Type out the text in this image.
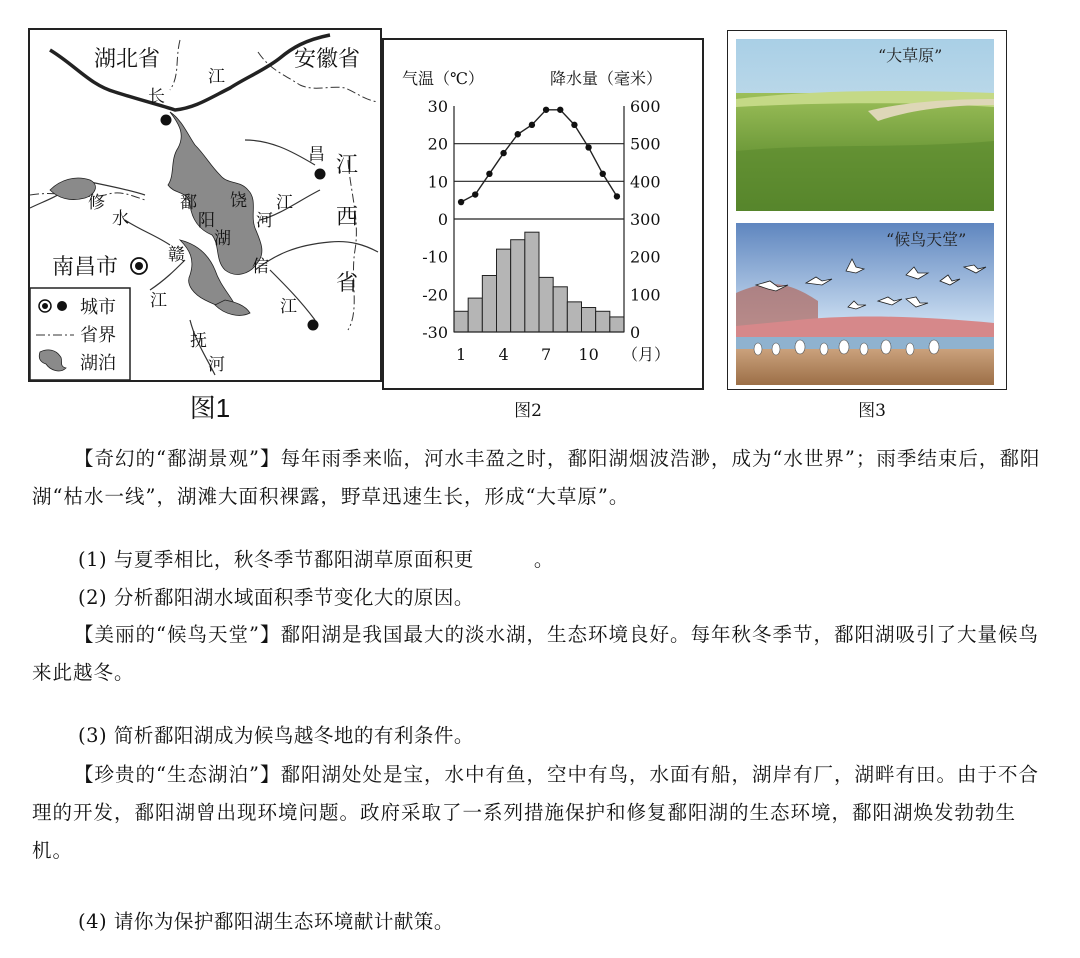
湖北省	安徽省
南昌市
江
西
省
江
长
昌
修
水
鄱
阳
湖
饶
河
江
赣
江
信
江
抚
河
城市
省界
湖泊
图1
气温（℃）	降水量（毫米）
（月）
30
20
10
0
-10
-20
-30
600
500
400
300
200
100
0
1 4 7 10
图2
“大草原”
“候鸟天堂”
图3

【奇幻的“鄱湖景观”】每年雨季来临，河水丰盈之时，鄱阳湖烟波浩渺，成为“水世界”；雨季结束后，鄱阳湖“枯水一线”，湖滩大面积裸露，野草迅速生长，形成“大草原”。

(1) 与夏季相比，秋冬季节鄱阳湖草原面积更　　　。
(2) 分析鄱阳湖水域面积季节变化大的原因。

【美丽的“候鸟天堂”】鄱阳湖是我国最大的淡水湖，生态环境良好。每年秋冬季节，鄱阳湖吸引了大量候鸟来此越冬。

(3) 简析鄱阳湖成为候鸟越冬地的有利条件。

【珍贵的“生态湖泊”】鄱阳湖处处是宝，水中有鱼，空中有鸟，水面有船，湖岸有厂，湖畔有田。由于不合理的开发，鄱阳湖曾出现环境问题。政府采取了一系列措施保护和修复鄱阳湖的生态环境，鄱阳湖焕发勃勃生机。

(4) 请你为保护鄱阳湖生态环境献计献策。
